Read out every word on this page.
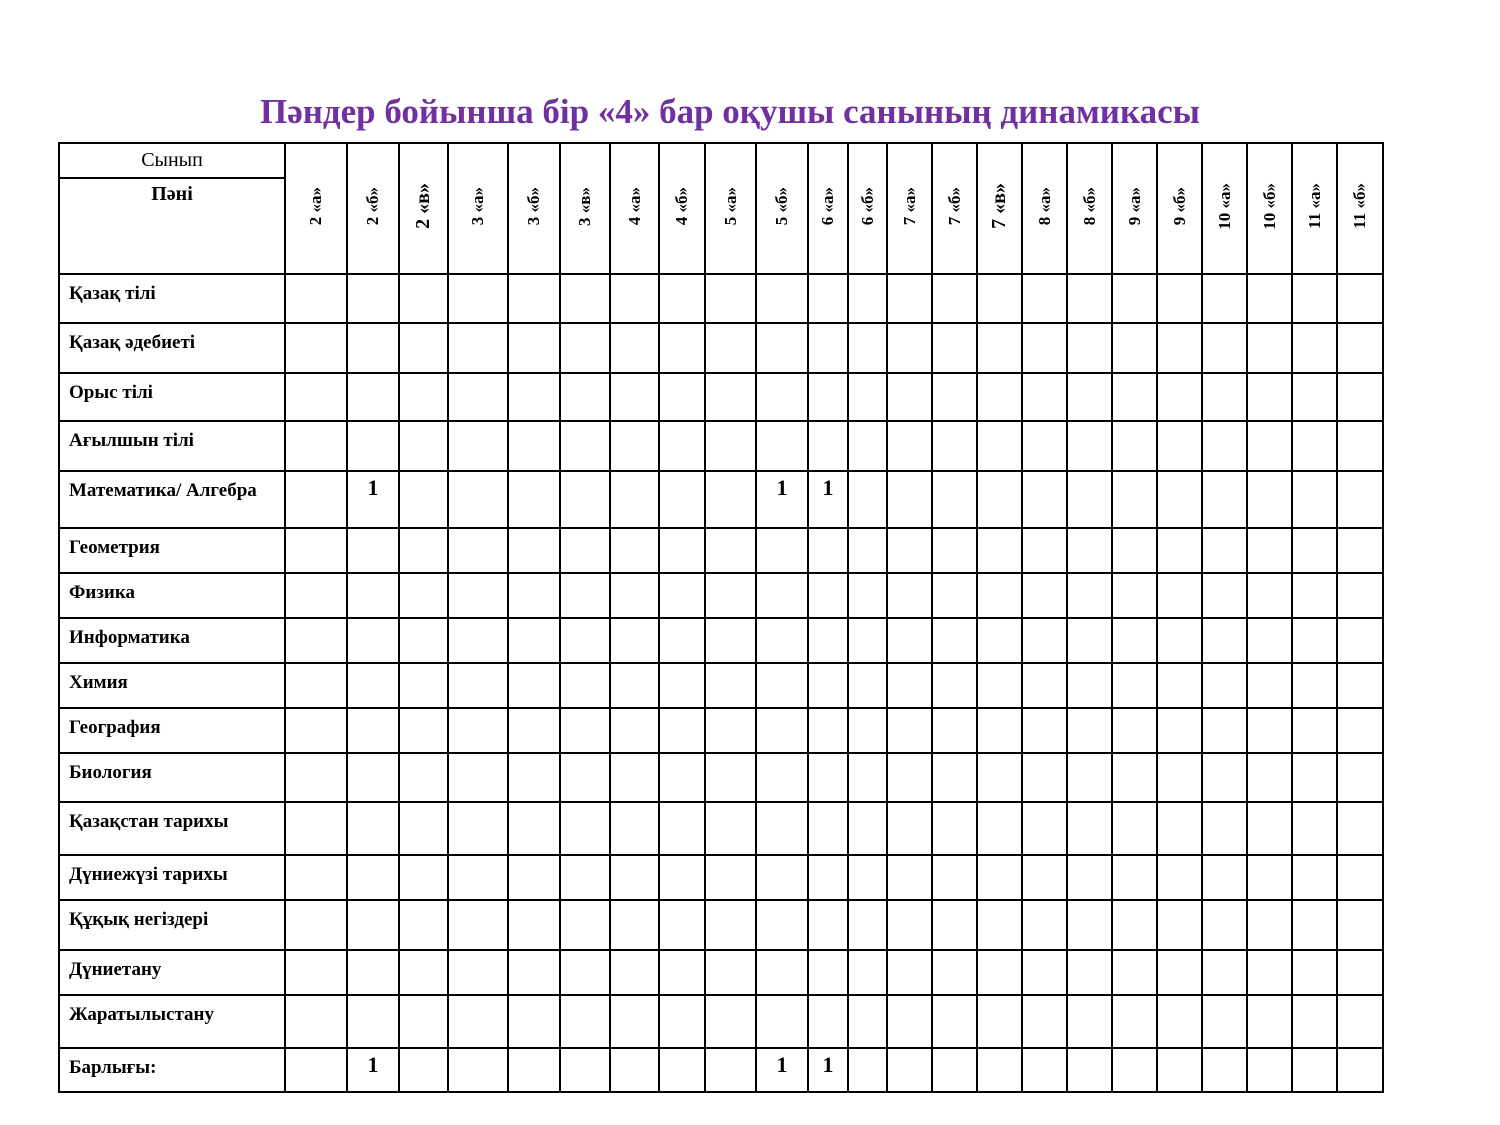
Пәндер бойынша бір «4» бар оқушы санының динамикасы
Сынып	2 «а»	2 «б»	2 «в»	3 «а»	3 «б»	3 «в»	4 «а»	4 «б»	5 «а»	5 «б»	6 «а»	6 «б»	7 «а»	7 «б»	7 «в»	8 «а»	8 «б»	9 «а»	9 «б»	10 «а»	10 «б»	11 «а»	11 «б»
Пәні																							
Қазақ тілі																							
Қазақ әдебиеті																							
Орыс тілі																							
Ағылшын тілі																							
Математика/ Алгебра		1								1	1												
Геометрия																							
Физика																							
Информатика																							
Химия																							
География																							
Биология																							
Қазақстан тарихы																							
Дүниежүзі тарихы																							
Құқық негіздері																							
Дүниетану																							
Жаратылыстану																							
Барлығы:		1								1	1												
